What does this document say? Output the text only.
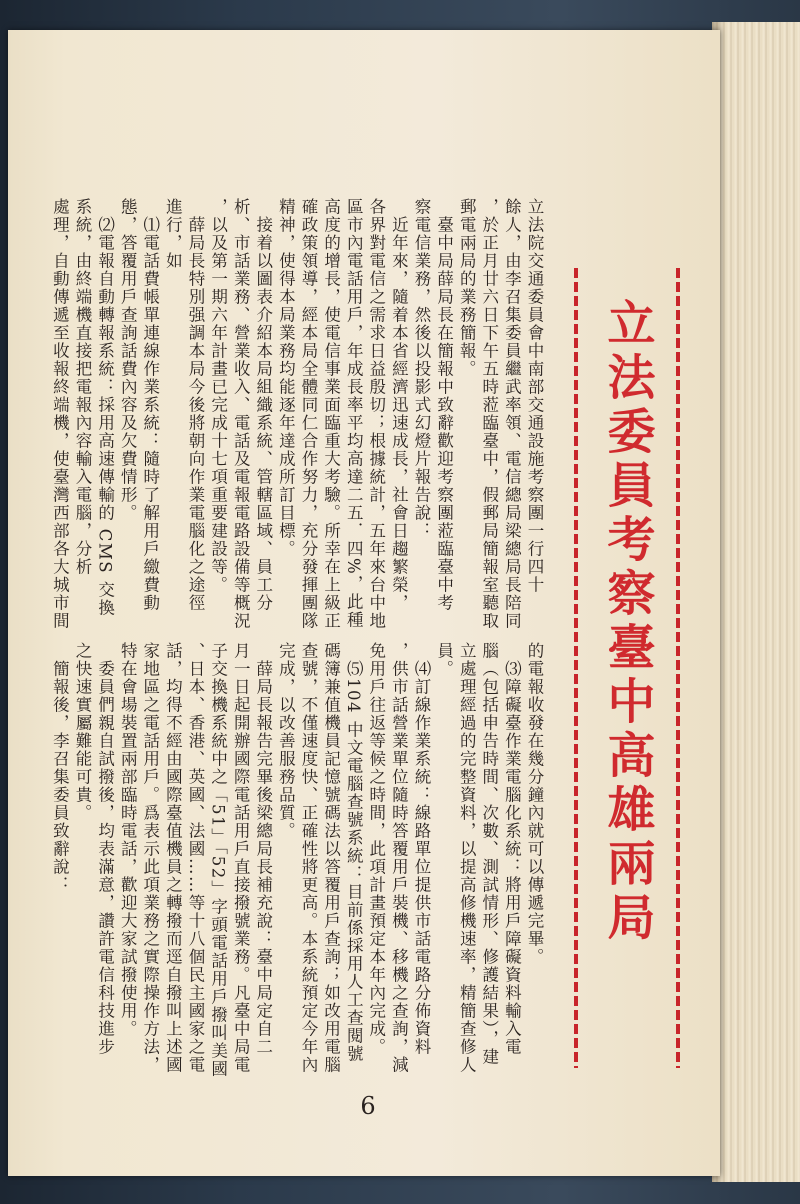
立法委員考察臺中高雄兩局
立法院交通委員會中南部交通設施考察團一行四十
餘人，由李召集委員繼武率領、電信總局梁總局長陪同
，於正月廿六日下午五時蒞臨臺中，假郵局簡報室聽取
郵電兩局的業務簡報。
　臺中局薛局長在簡報中致辭歡迎考察團蒞臨臺中考
察電信業務，然後以投影式幻燈片報告說：
　近年來，隨着本省經濟迅速成長，社會日趨繁榮，
各界對電信之需求日益殷切；根據統計，五年來台中地
區市內電話用戶，年成長率平均高達二五．四%，此種
高度的增長，使電信事業面臨重大考驗。所幸在上級正
確政策領導，經本局全體同仁合作努力，充分發揮團隊
精神，使得本局業務均能逐年達成所訂目標。
　接着以圖表介紹本局組織系統、管轄區域、員工分
析、市話業務、營業收入、電話及電報電路設備等概況
，以及第一期六年計畫已完成十七項重要建設等。
　薛局長特別强調本局今後將朝向作業電腦化之途徑
進行，如
　⑴電話費帳單連線作業系統：隨時了解用戶繳費動
態，答覆用戶查詢話費內容及欠費情形。
　⑵電報自動轉報系統：採用高速傳輸的 CMS 交換
系統，由終端機直接把電報內容輸入電腦，分析
處理，自動傳遞至收報終端機，使臺灣西部各大城市間
的電報收發在幾分鐘內就可以傳遞完畢。
　⑶障礙臺作業電腦化系統：將用戶障礙資料輸入電
腦（包括申告時間、次數、測試情形、修護結果），建
立處理經過的完整資料，以提高修機速率，精簡查修人
員。
　⑷訂線作業系統：線路單位提供市話電路分佈資料
，供市話營業單位隨時答覆用戶裝機、移機之查詢，減
免用戶往返等候之時間，此項計畫預定本年內完成。
　⑸104 中文電腦查號系統：目前係採用人工查閱號
碼簿兼值機員記憶號碼法以答覆用戶查詢；如改用電腦
查號，不僅速度快、正確性將更高。本系統預定今年內
完成，以改善服務品質。
　薛局長報告完畢後梁總局長補充說：臺中局定自二
月一日起開辦國際電話用戶直接撥號業務。凡臺中局電
子交換機系統中之「51」「52」字頭電話用戶撥叫美國
、日本、香港、英國、法國……等十八個民主國家之電
話，均得不經由國際臺值機員之轉撥而逕自撥叫上述國
家地區之電話用戶。爲表示此項業務之實際操作方法，
特在會場裝置兩部臨時電話，歡迎大家試撥使用。
　委員們親自試撥後，均表滿意，讚許電信科技進步
之快速實屬難能可貴。
　簡報後，李召集委員致辭說：
6
